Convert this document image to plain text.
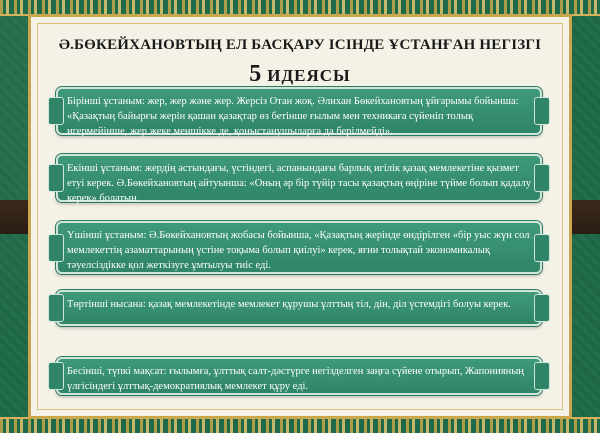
Ә.БӨКЕЙХАНОВТЫҢ ЕЛ БАСҚАРУ ІСІНДЕ ҰСТАНҒАН НЕГІЗГІ
5 ИДЕЯСЫ
Бірінші ұстаным: жер, жер және жер. Жерсіз Отан жоқ. Әлихан Бөкейхановтың ұйғарымы бойынша: «Қазақтың байырғы жерін қашан қазақтар өз бетінше ғылым мен техникаға сүйеніп толық игермейінше, жер жеке меншікке де, қоныстанушыларға да берілмейді».
Екінші ұстаным: жердің астындағы, үстіндегі, аспанындағы барлық игілік қазақ мемлекетіне қызмет етуі керек. Ә.Бөкейхановтың айтуынша: «Оның әр бір түйір тасы қазақтың өңіріне түйме болып қадалу керек» болатын.
Үшінші ұстаным: Ә.Бөкейхановтың жобасы бойынша, «Қазақтың жерінде өндірілген «бір уыс жүн сол мемлекеттің азаматтарының үстіне тоқыма болып қиілуі» керек, яғни толықтай экономикалық тәуелсіздікке қол жеткізуге ұмтылуы тиіс еді.
Төртінші нысана: қазақ мемлекетінде мемлекет құрушы ұлттың тіл, дін, діл үстемдігі болуы керек.
Бесінші, түпкі мақсат: ғылымға, ұлттық салт-дәстүрге негізделген заңға сүйене отырып, Жапонияның үлгісіндегі ұлттық-демократиялық мемлекет құру еді.
